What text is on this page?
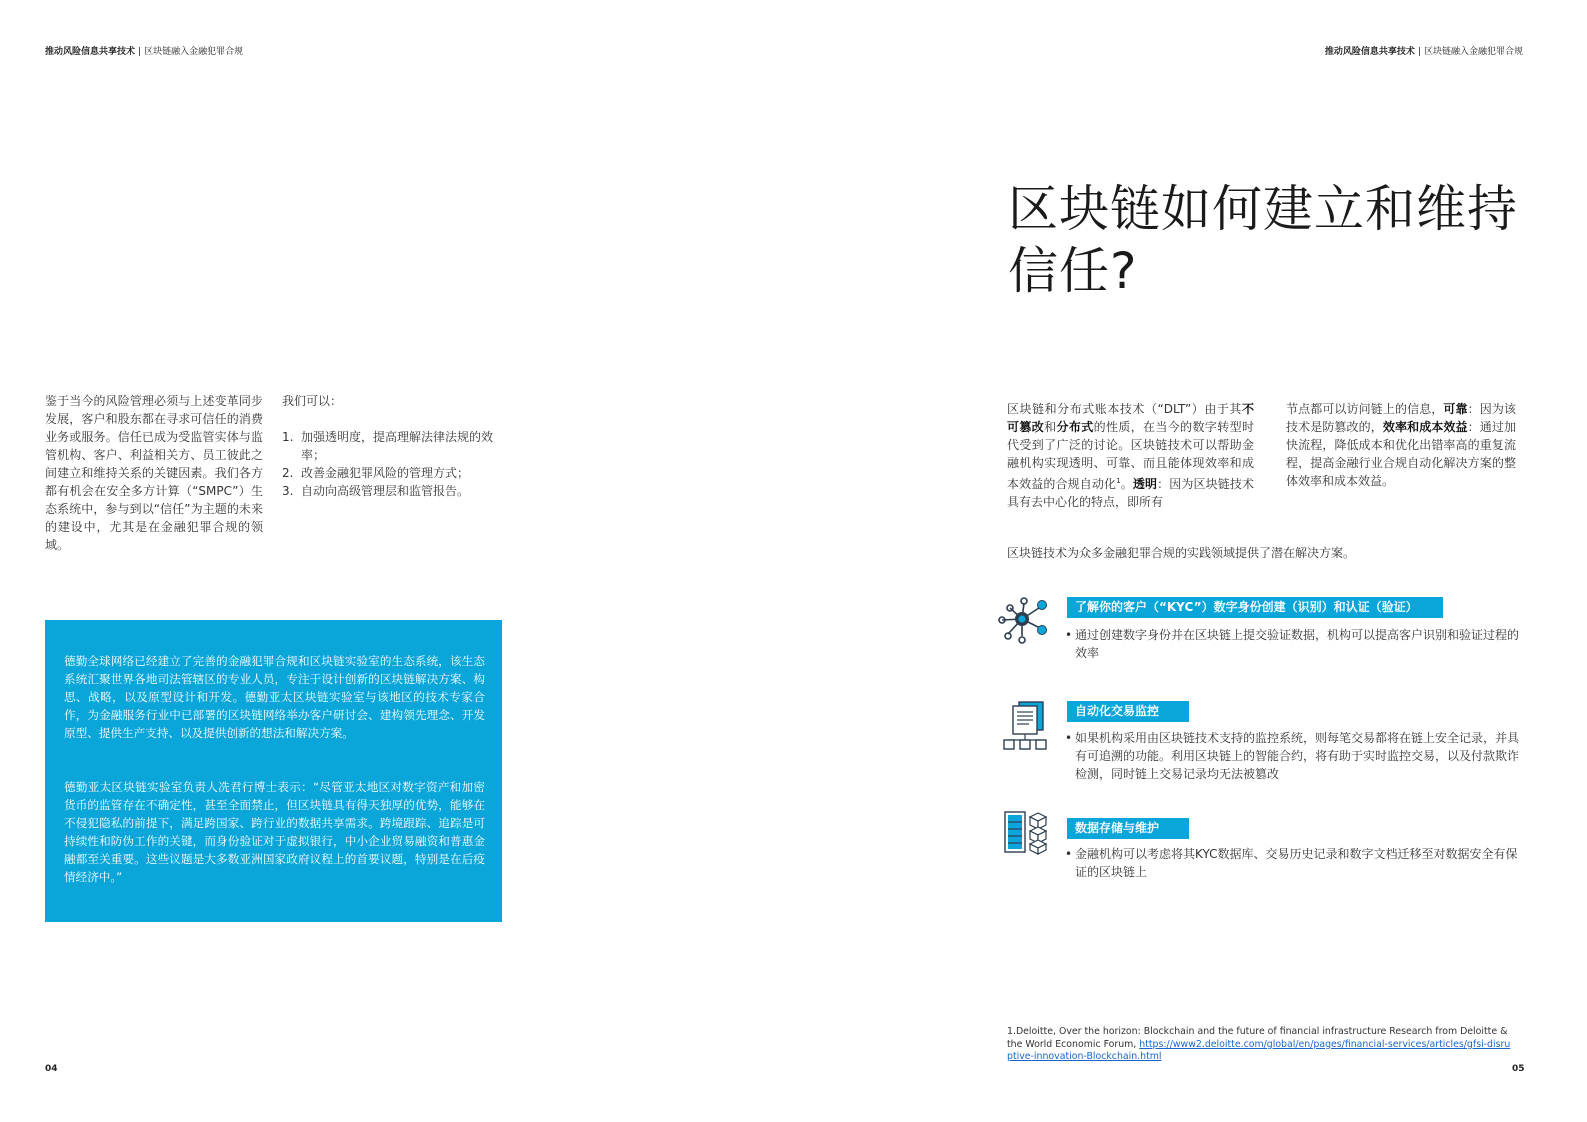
推动风险信息共享技术 | 区块链融入金融犯罪合规	推动风险信息共享技术 | 区块链融入金融犯罪合规
鉴于当今的风险管理必须与上述变革同步发展，客户和股东都在寻求可信任的消费业务或服务。信任已成为受监管实体与监管机构、客户、利益相关方、员工彼此之间建立和维持关系的关键因素。我们各方都有机会在安全多方计算（“SMPC”）生态系统中，参与到以“信任”为主题的未来的建设中，尤其是在金融犯罪合规的领域。
我们可以：
1. 加强透明度，提高理解法律法规的效率；
2. 改善金融犯罪风险的管理方式；
3. 自动向高级管理层和监管报告。
德勤全球网络已经建立了完善的金融犯罪合规和区块链实验室的生态系统，该生态系统汇聚世界各地司法管辖区的专业人员，专注于设计创新的区块链解决方案、构思、战略，以及原型设计和开发。德勤亚太区块链实验室与该地区的技术专家合作，为金融服务行业中已部署的区块链网络举办客户研讨会、建构领先理念、开发原型、提供生产支持、以及提供创新的想法和解决方案。
德勤亚太区块链实验室负责人冼君行博士表示：“尽管亚太地区对数字资产和加密货币的监管存在不确定性，甚至全面禁止，但区块链具有得天独厚的优势，能够在不侵犯隐私的前提下，满足跨国家、跨行业的数据共享需求。跨境跟踪、追踪是可持续性和防伪工作的关键，而身份验证对于虚拟银行，中小企业贸易融资和普惠金融都至关重要。这些议题是大多数亚洲国家政府议程上的首要议题，特别是在后疫情经济中。”
04
区块链如何建立和维持信任?
区块链和分布式账本技术（“DLT”）由于其不可篡改和分布式的性质，在当今的数字转型时代受到了广泛的讨论。区块链技术可以帮助金融机构实现透明、可靠、而且能体现效率和成本效益的合规自动化$^1$。透明：因为区块链技术具有去中心化的特点，即所有
节点都可以访问链上的信息，可靠：因为该技术是防篡改的，效率和成本效益：通过加快流程，降低成本和优化出错率高的重复流程，提高金融行业合规自动化解决方案的整体效率和成本效益。
区块链技术为众多金融犯罪合规的实践领域提供了潜在解决方案。
了解你的客户（“KYC”）数字身份创建（识别）和认证（验证）
• 通过创建数字身份并在区块链上提交验证数据，机构可以提高客户识别和验证过程的效率
自动化交易监控
• 如果机构采用由区块链技术支持的监控系统，则每笔交易都将在链上安全记录，并具有可追溯的功能。利用区块链上的智能合约，将有助于实时监控交易，以及付款欺诈检测，同时链上交易记录均无法被篡改
数据存储与维护
• 金融机构可以考虑将其KYC数据库、交易历史记录和数字文档迁移至对数据安全有保证的区块链上
1.Deloitte, Over the horizon: Blockchain and the future of financial infrastructure Research from Deloitte & the World Economic Forum, https://www2.deloitte.com/global/en/pages/financial-services/articles/gfsi-disruptive-innovation-Blockchain.html
05
